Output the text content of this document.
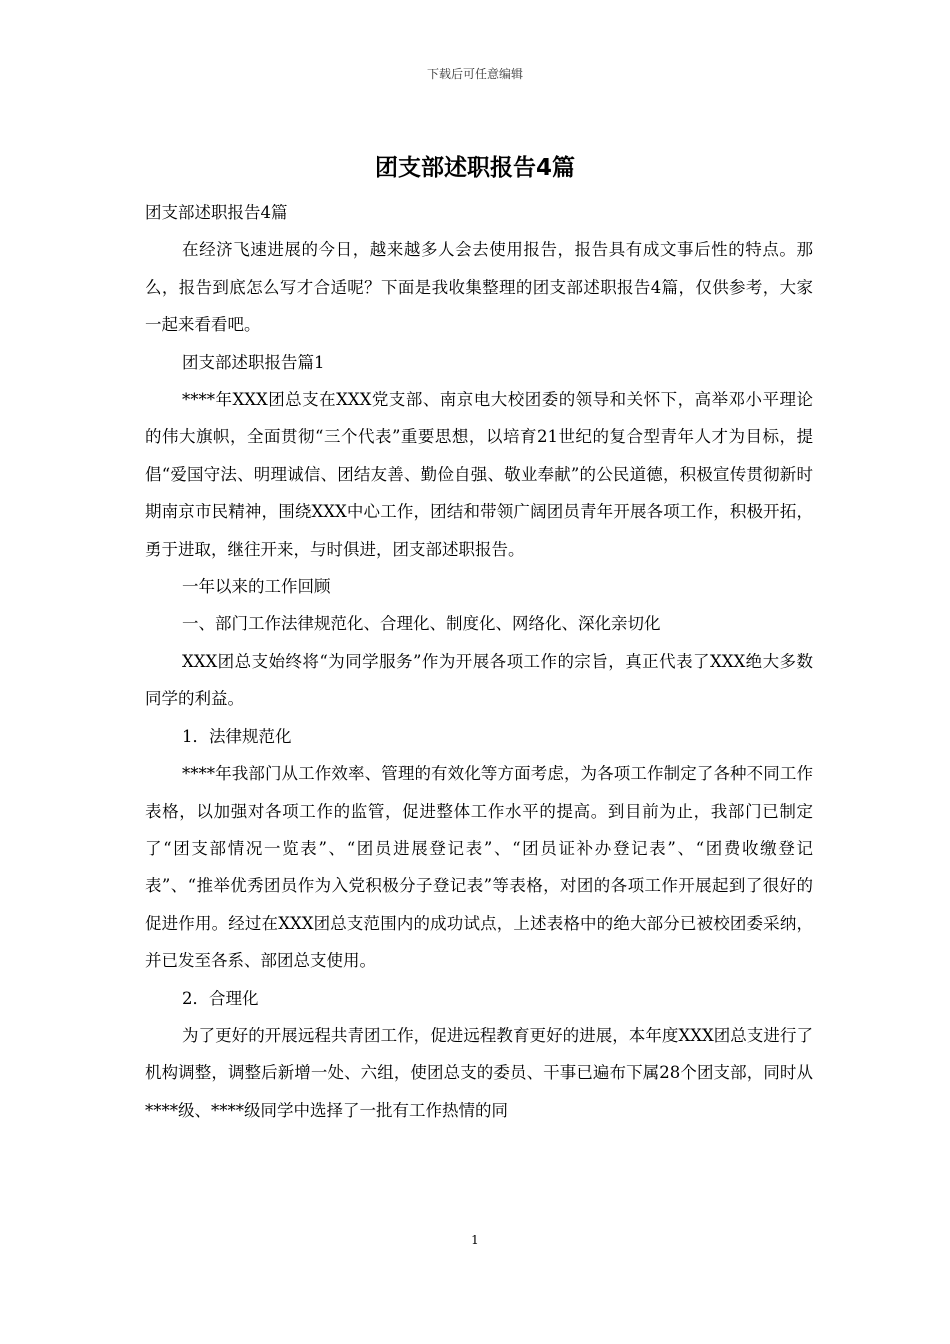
下载后可任意编辑
团支部述职报告4篇

团支部述职报告4篇

在经济飞速进展的今日，越来越多人会去使用报告，报告具有成文事后性的特点。那么，报告到底怎么写才合适呢？下面是我收集整理的团支部述职报告4篇，仅供参考，大家一起来看看吧。

团支部述职报告篇1

****年XXX团总支在XXX党支部、南京电大校团委的领导和关怀下，高举邓小平理论的伟大旗帜，全面贯彻“三个代表”重要思想，以培育21世纪的复合型青年人才为目标，提倡“爱国守法、明理诚信、团结友善、勤俭自强、敬业奉献”的公民道德，积极宣传贯彻新时期南京市民精神，围绕XXX中心工作，团结和带领广阔团员青年开展各项工作，积极开拓，勇于进取，继往开来，与时俱进，团支部述职报告。

一年以来的工作回顾

一、部门工作法律规范化、合理化、制度化、网络化、深化亲切化

XXX团总支始终将“为同学服务”作为开展各项工作的宗旨，真正代表了XXX绝大多数同学的利益。

1．法律规范化

****年我部门从工作效率、管理的有效化等方面考虑，为各项工作制定了各种不同工作表格，以加强对各项工作的监管，促进整体工作水平的提高。到目前为止，我部门已制定了“团支部情况一览表”、“团员进展登记表”、“团员证补办登记表”、“团费收缴登记表”、“推举优秀团员作为入党积极分子登记表”等表格，对团的各项工作开展起到了很好的促进作用。经过在XXX团总支范围内的成功试点，上述表格中的绝大部分已被校团委采纳，并已发至各系、部团总支使用。

2．合理化

为了更好的开展远程共青团工作，促进远程教育更好的进展，本年度XXX团总支进行了机构调整，调整后新增一处、六组，使团总支的委员、干事已遍布下属28个团支部，同时从****级、****级同学中选择了一批有工作热情的同

1
